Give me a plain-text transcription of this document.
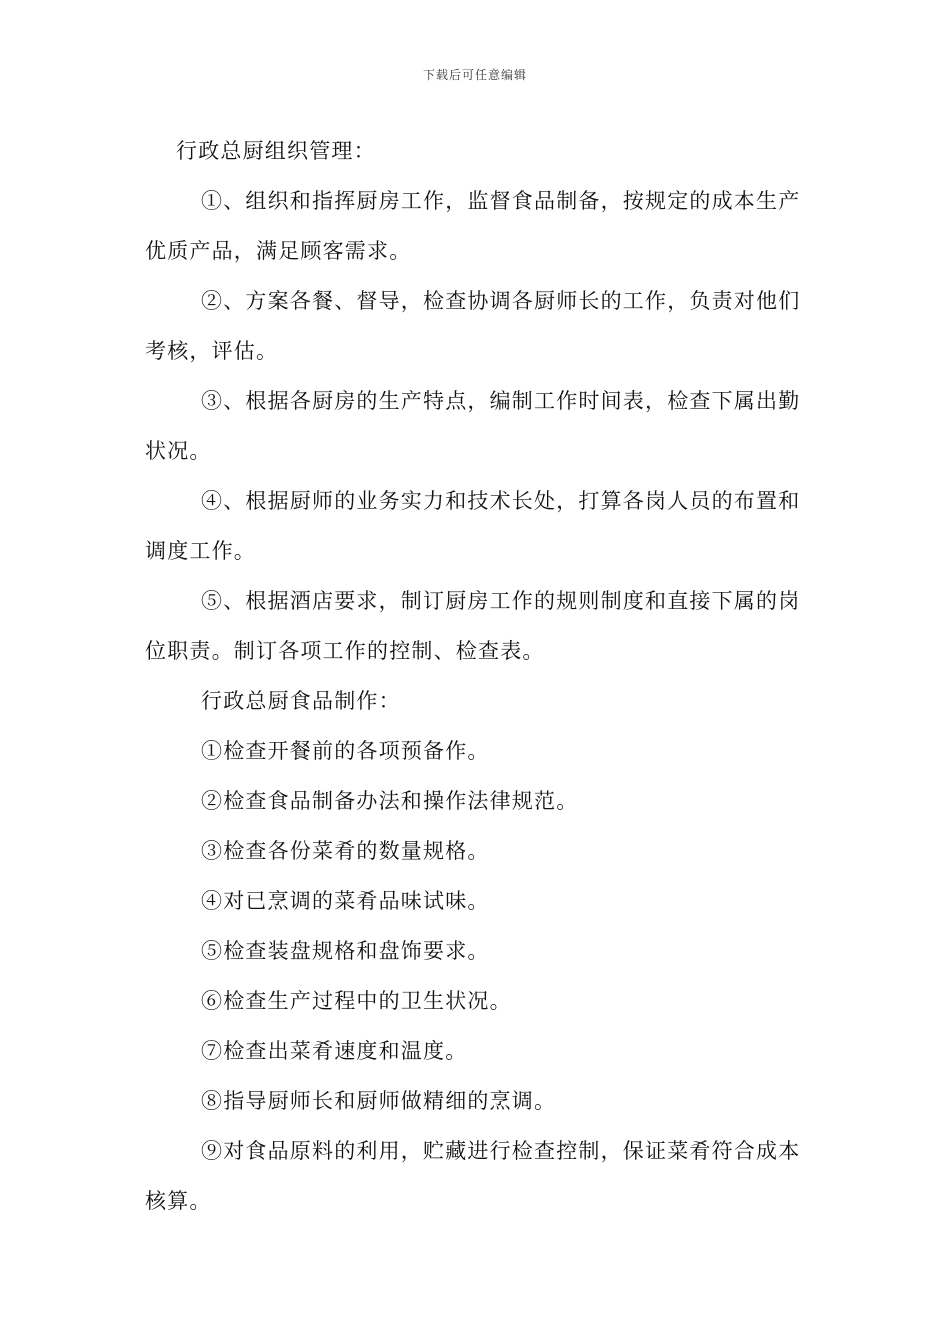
下载后可任意编辑

行政总厨组织管理：

①、组织和指挥厨房工作，监督食品制备，按规定的成本生产优质产品，满足顾客需求。

②、方案各餐、督导，检查协调各厨师长的工作，负责对他们考核，评估。

③、根据各厨房的生产特点，编制工作时间表，检查下属出勤状况。

④、根据厨师的业务实力和技术长处，打算各岗人员的布置和调度工作。

⑤、根据酒店要求，制订厨房工作的规则制度和直接下属的岗位职责。制订各项工作的控制、检查表。

行政总厨食品制作：

①检查开餐前的各项预备作。

②检查食品制备办法和操作法律规范。

③检查各份菜肴的数量规格。

④对已烹调的菜肴品味试味。

⑤检查装盘规格和盘饰要求。

⑥检查生产过程中的卫生状况。

⑦检查出菜肴速度和温度。

⑧指导厨师长和厨师做精细的烹调。

⑨对食品原料的利用，贮藏进行检查控制，保证菜肴符合成本核算。
